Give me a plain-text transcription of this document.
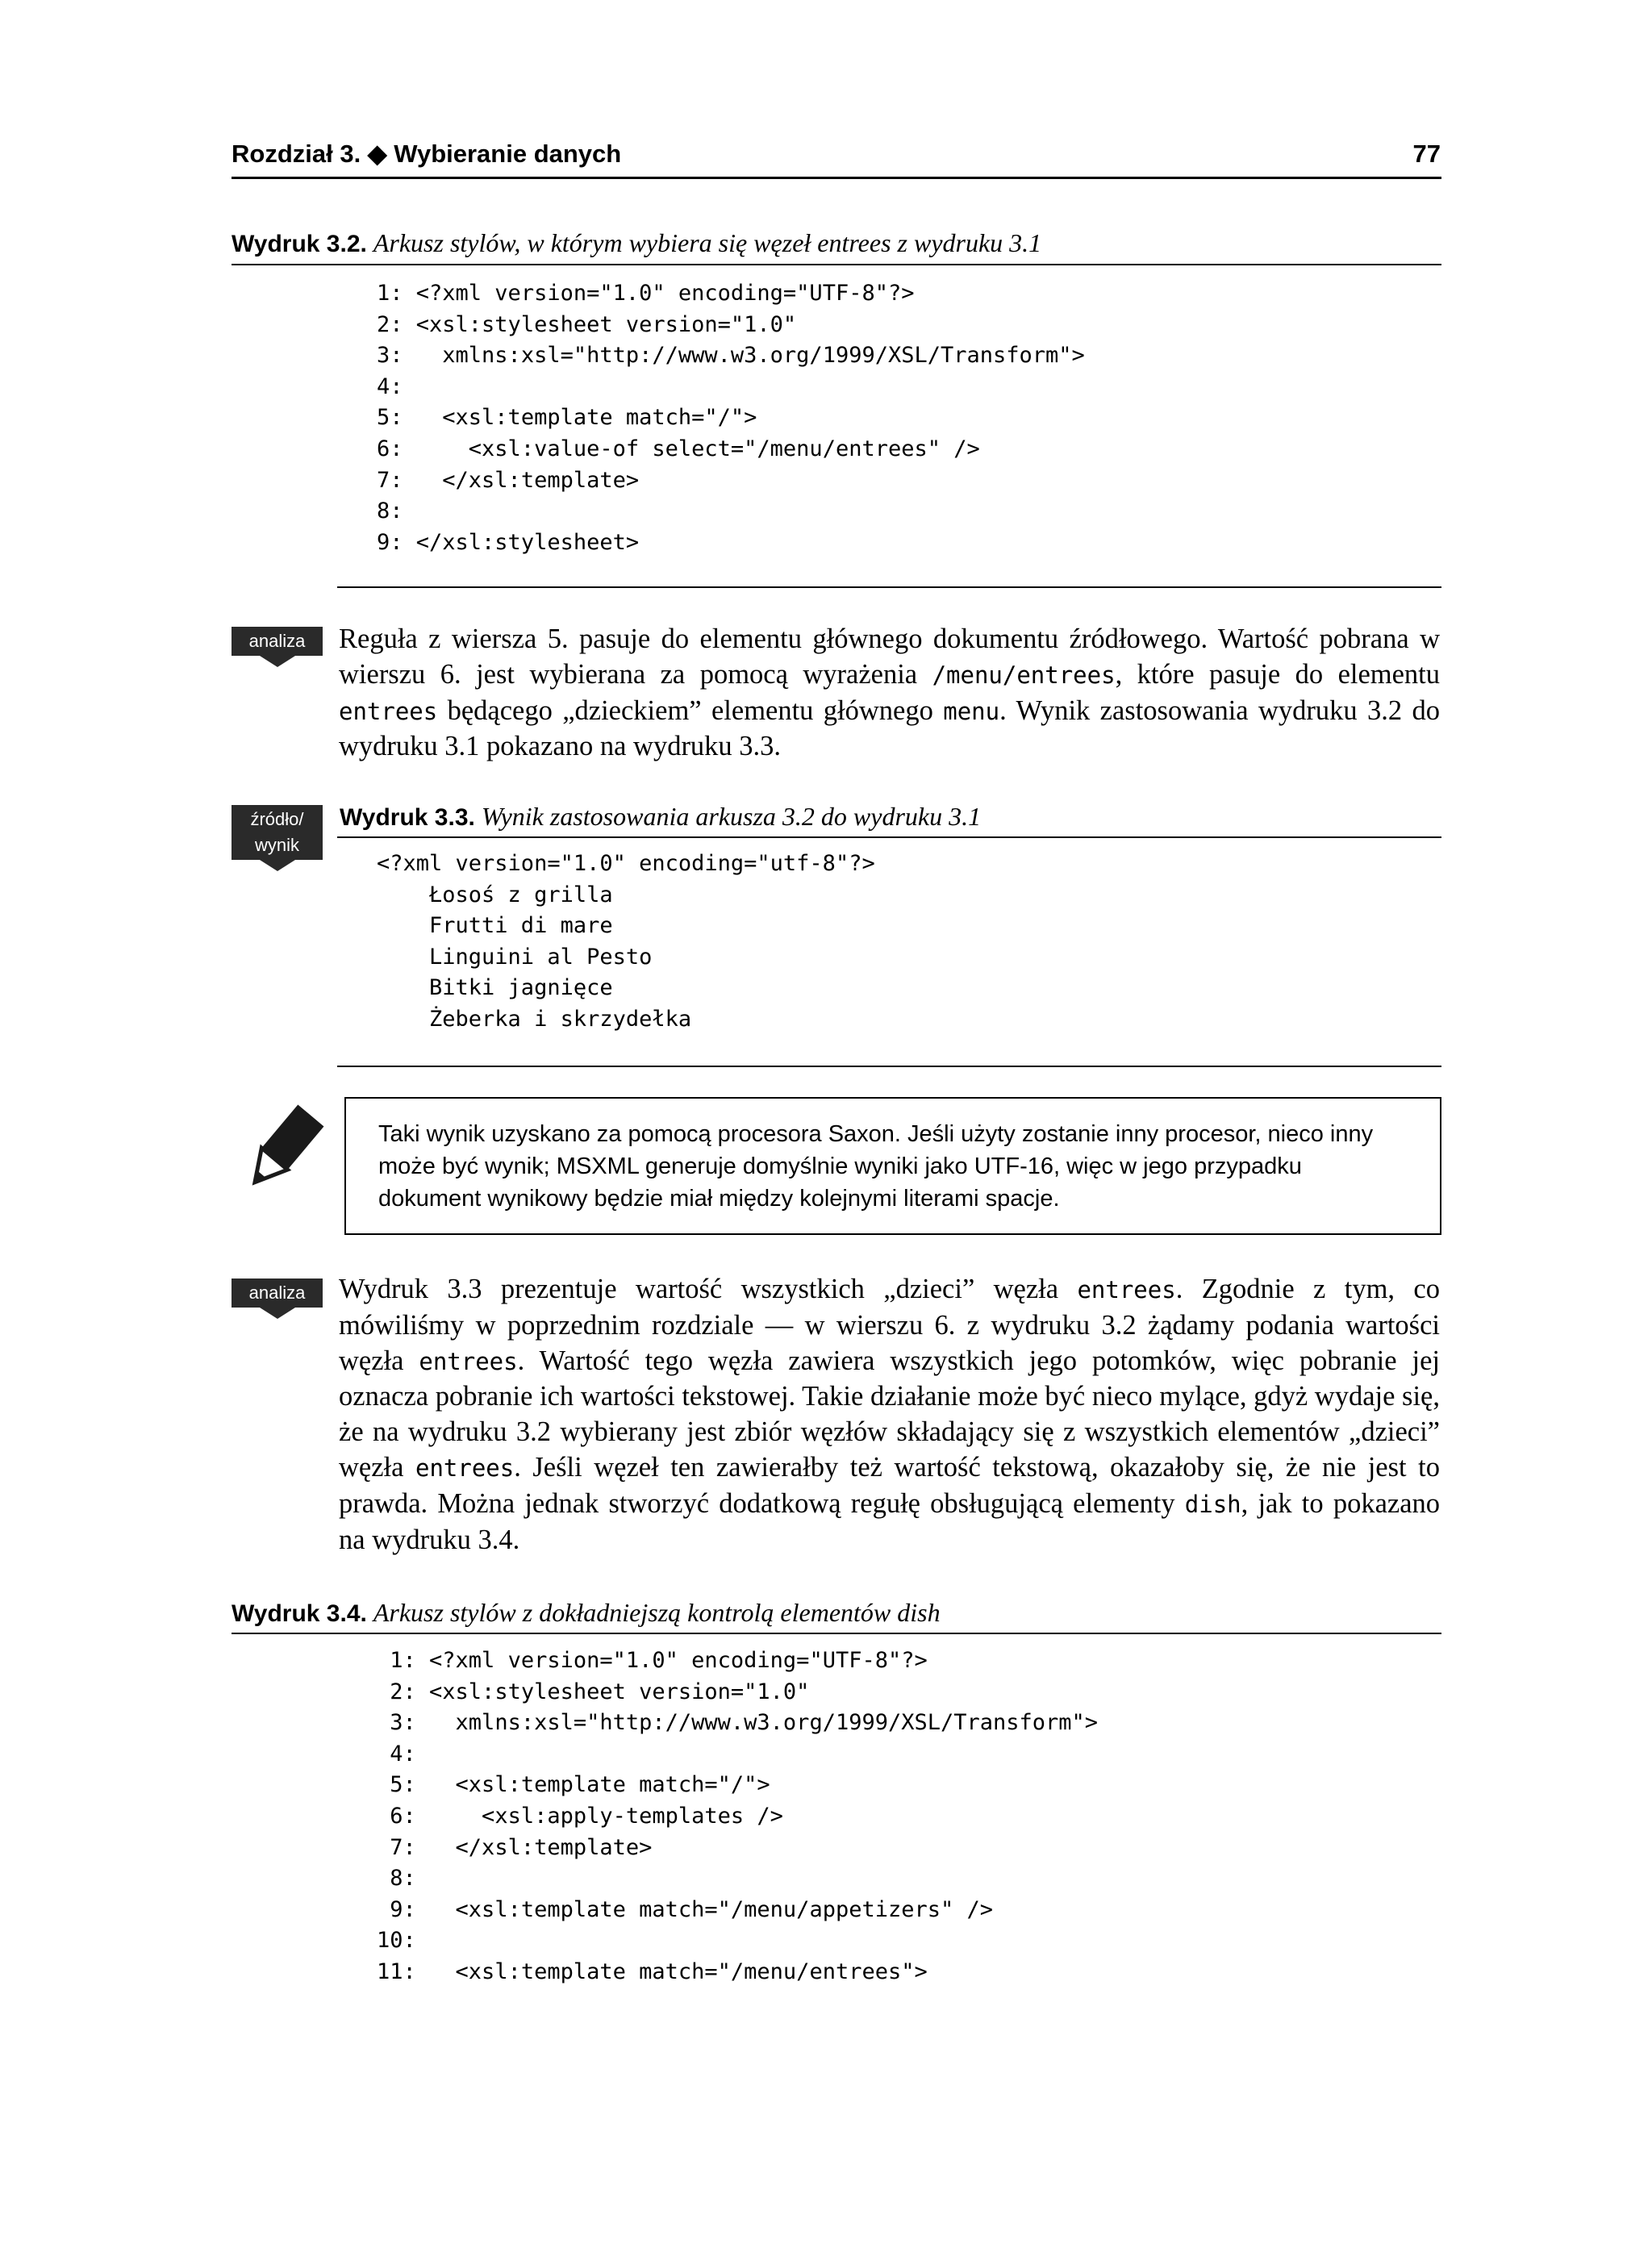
Rozdział 3. ◆ Wybieranie danych	77
Wydruk 3.2. Arkusz stylów, w którym wybiera się węzeł entrees z wydruku 3.1
1: <?xml version="1.0" encoding="UTF-8"?>
2: <xsl:stylesheet version="1.0"
3:   xmlns:xsl="http://www.w3.org/1999/XSL/Transform">
4:
5:   <xsl:template match="/">
6:     <xsl:value-of select="/menu/entrees" />
7:   </xsl:template>
8:
9: </xsl:stylesheet>
analiza	Reguła z wiersza 5. pasuje do elementu głównego dokumentu źródłowego. Wartość pobrana w wierszu 6. jest wybierana za pomocą wyrażenia /menu/entrees, które pasuje do elementu entrees będącego „dzieckiem” elementu głównego menu. Wynik zastosowania wydruku 3.2 do wydruku 3.1 pokazano na wydruku 3.3.

źródło/
wynik
Wydruk 3.3. Wynik zastosowania arkusza 3.2 do wydruku 3.1
<?xml version="1.0" encoding="utf-8"?>
Łosoś z grilla
Frutti di mare
Linguini al Pesto
Bitki jagnięce
Żeberka i skrzydełka

Taki wynik uzyskano za pomocą procesora Saxon. Jeśli użyty zostanie inny procesor, nieco inny może być wynik; MSXML generuje domyślnie wyniki jako UTF-16, więc w jego przypadku dokument wynikowy będzie miał między kolejnymi literami spacje.

analiza	Wydruk 3.3 prezentuje wartość wszystkich „dzieci” węzła entrees. Zgodnie z tym, co mówiliśmy w poprzednim rozdziale — w wierszu 6. z wydruku 3.2 żądamy podania wartości węzła entrees. Wartość tego węzła zawiera wszystkich jego potomków, więc pobranie jej oznacza pobranie ich wartości tekstowej. Takie działanie może być nieco mylące, gdyż wydaje się, że na wydruku 3.2 wybierany jest zbiór węzłów składający się z wszystkich elementów „dzieci” węzła entrees. Jeśli węzeł ten zawierałby też wartość tekstową, okazałoby się, że nie jest to prawda. Można jednak stworzyć dodatkową regułę obsługującą elementy dish, jak to pokazano na wydruku 3.4.

Wydruk 3.4. Arkusz stylów z dokładniejszą kontrolą elementów dish
1: <?xml version="1.0" encoding="UTF-8"?>
2: <xsl:stylesheet version="1.0"
3:   xmlns:xsl="http://www.w3.org/1999/XSL/Transform">
4:
5:   <xsl:template match="/">
6:     <xsl:apply-templates />
7:   </xsl:template>
8:
9:   <xsl:template match="/menu/appetizers" />
10:
11:   <xsl:template match="/menu/entrees">
